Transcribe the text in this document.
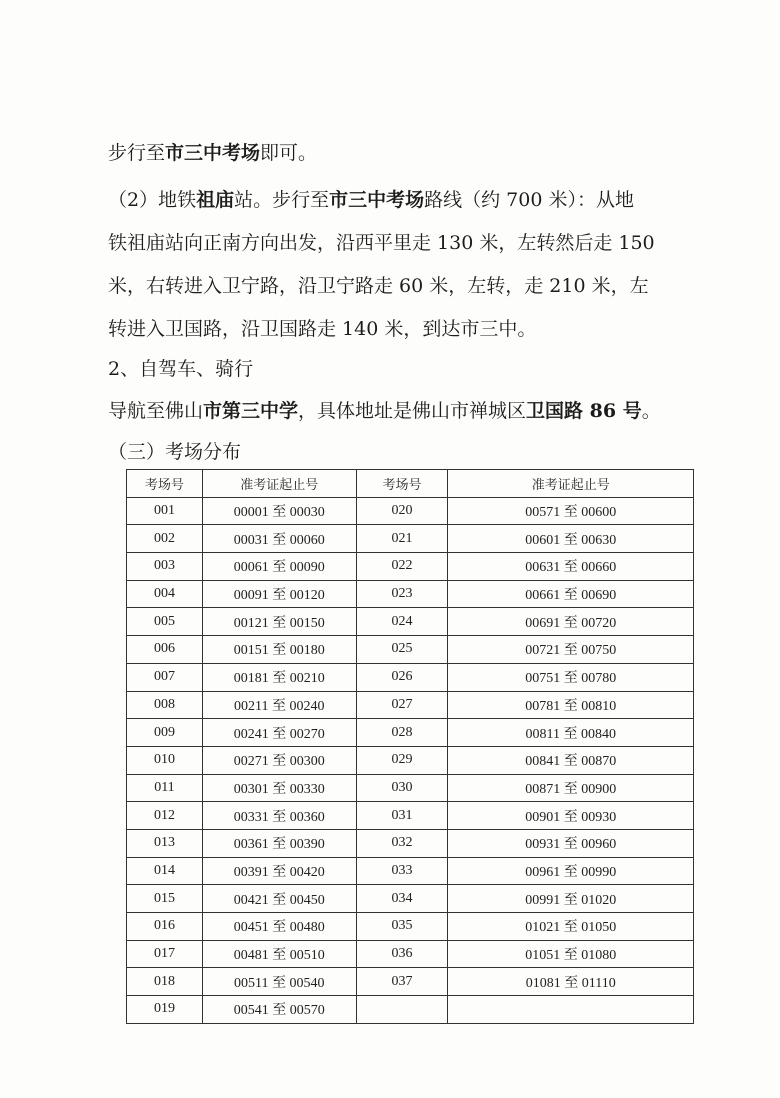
步行至市三中考场即可。
（2）地铁祖庙站。步行至市三中考场路线（约 700 米）：从地
铁祖庙站向正南方向出发，沿西平里走 130 米，左转然后走 150
米，右转进入卫宁路，沿卫宁路走 60 米，左转，走 210 米，左
转进入卫国路，沿卫国路走 140 米，到达市三中。
2、自驾车、骑行
导航至佛山市第三中学，具体地址是佛山市禅城区卫国路 86 号。
（三）考场分布
考场号	准考证起止号	考场号	准考证起止号
001	00001 至 00030	020	00571 至 00600
002	00031 至 00060	021	00601 至 00630
003	00061 至 00090	022	00631 至 00660
004	00091 至 00120	023	00661 至 00690
005	00121 至 00150	024	00691 至 00720
006	00151 至 00180	025	00721 至 00750
007	00181 至 00210	026	00751 至 00780
008	00211 至 00240	027	00781 至 00810
009	00241 至 00270	028	00811 至 00840
010	00271 至 00300	029	00841 至 00870
011	00301 至 00330	030	00871 至 00900
012	00331 至 00360	031	00901 至 00930
013	00361 至 00390	032	00931 至 00960
014	00391 至 00420	033	00961 至 00990
015	00421 至 00450	034	00991 至 01020
016	00451 至 00480	035	01021 至 01050
017	00481 至 00510	036	01051 至 01080
018	00511 至 00540	037	01081 至 01110
019	00541 至 00570		
